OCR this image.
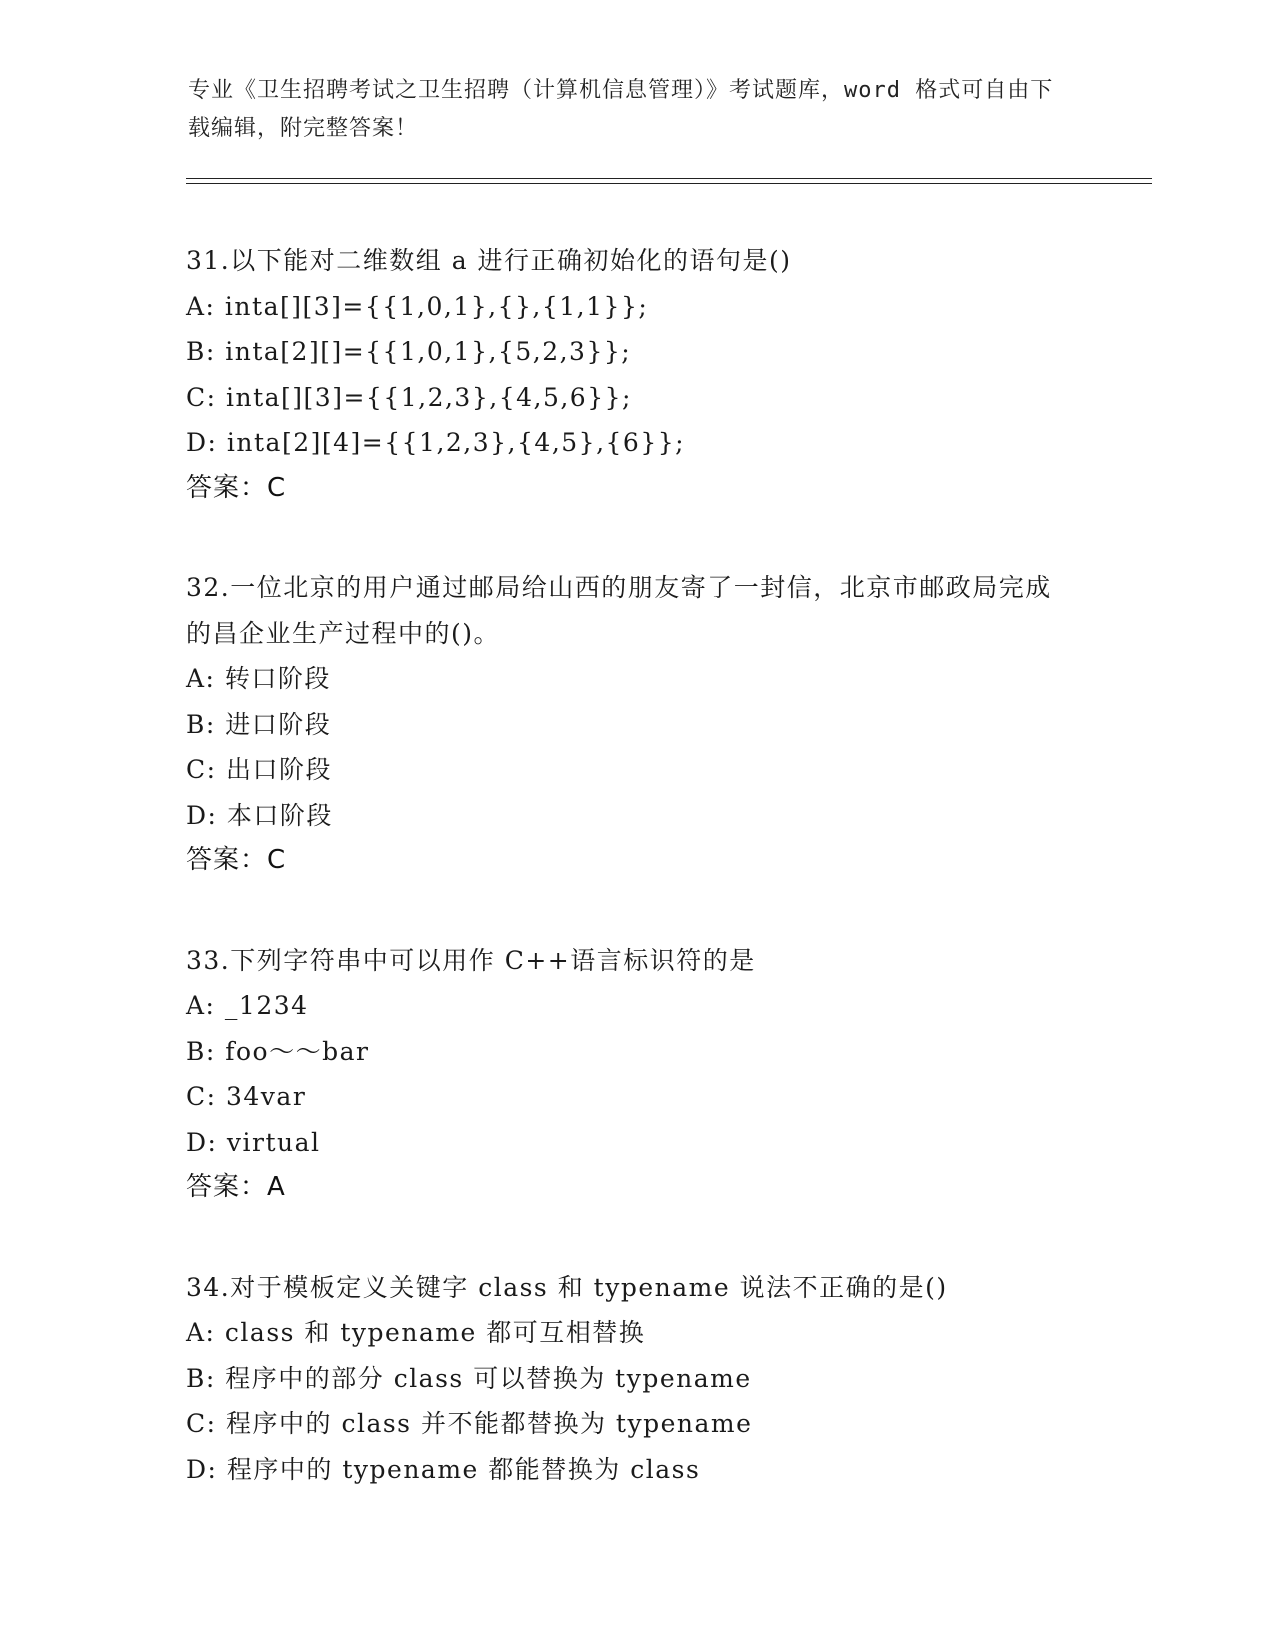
专业《卫生招聘考试之卫生招聘（计算机信息管理）》考试题库，word 格式可自由下载编辑，附完整答案！
31.以下能对二维数组 a 进行正确初始化的语句是()
A: inta[][3]={{1,0,1},{},{1,1}};
B: inta[2][]={{1,0,1},{5,2,3}};
C: inta[][3]={{1,2,3},{4,5,6}};
D: inta[2][4]={{1,2,3},{4,5},{6}};
答案：C
32.一位北京的用户通过邮局给山西的朋友寄了一封信，北京市邮政局完成的昌企业生产过程中的()。
A: 转口阶段
B: 进口阶段
C: 出口阶段
D: 本口阶段
答案：C
33.下列字符串中可以用作 C++语言标识符的是
A: _1234
B: foo～～bar
C: 34var
D: virtual
答案：A
34.对于模板定义关键字 class 和 typename 说法不正确的是()
A: class 和 typename 都可互相替换
B: 程序中的部分 class 可以替换为 typename
C: 程序中的 class 并不能都替换为 typename
D: 程序中的 typename 都能替换为 class
